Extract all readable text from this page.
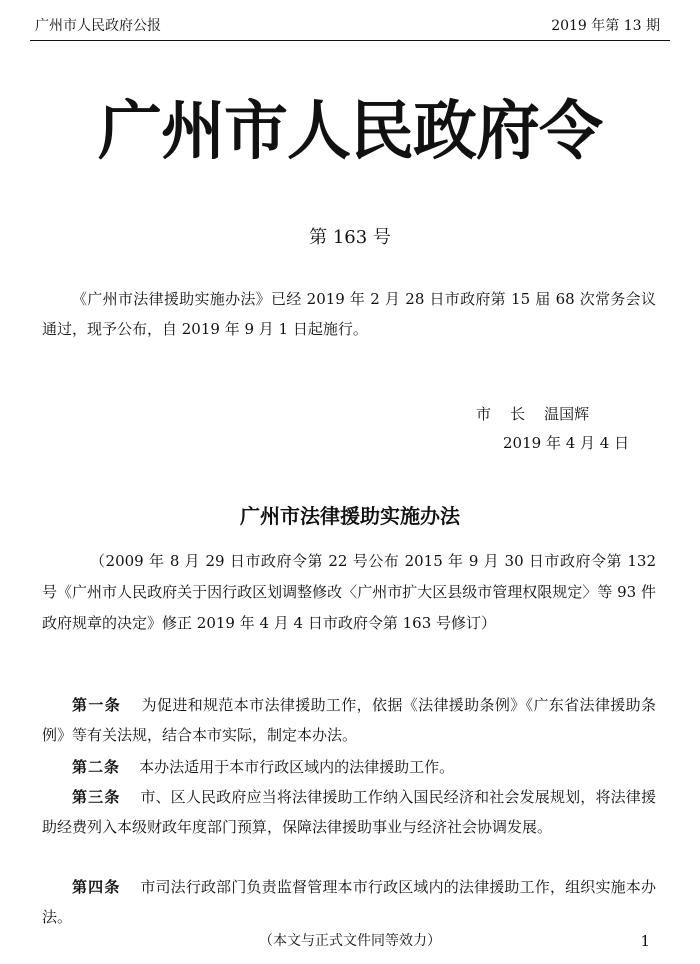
广州市人民政府公报	2019 年第 13 期
广州市人民政府令
第 163 号
《广州市法律援助实施办法》已经 2019 年 2 月 28 日市政府第 15 届 68 次常务会议通过，现予公布，自 2019 年 9 月 1 日起施行。
市    长    温国辉
2019 年 4 月 4 日
广州市法律援助实施办法
（2009 年 8 月 29 日市政府令第 22 号公布 2015 年 9 月 30 日市政府令第 132 号《广州市人民政府关于因行政区划调整修改〈广州市扩大区县级市管理权限规定〉等 93 件政府规章的决定》修正 2019 年 4 月 4 日市政府令第 163 号修订）
第一条 为促进和规范本市法律援助工作，依据《法律援助条例》《广东省法律援助条例》等有关法规，结合本市实际，制定本办法。
第二条 本办法适用于本市行政区域内的法律援助工作。
第三条 市、区人民政府应当将法律援助工作纳入国民经济和社会发展规划，将法律援助经费列入本级财政年度部门预算，保障法律援助事业与经济社会协调发展。
第四条 市司法行政部门负责监督管理本市行政区域内的法律援助工作，组织实施本办法。
（本文与正式文件同等效力）	1
